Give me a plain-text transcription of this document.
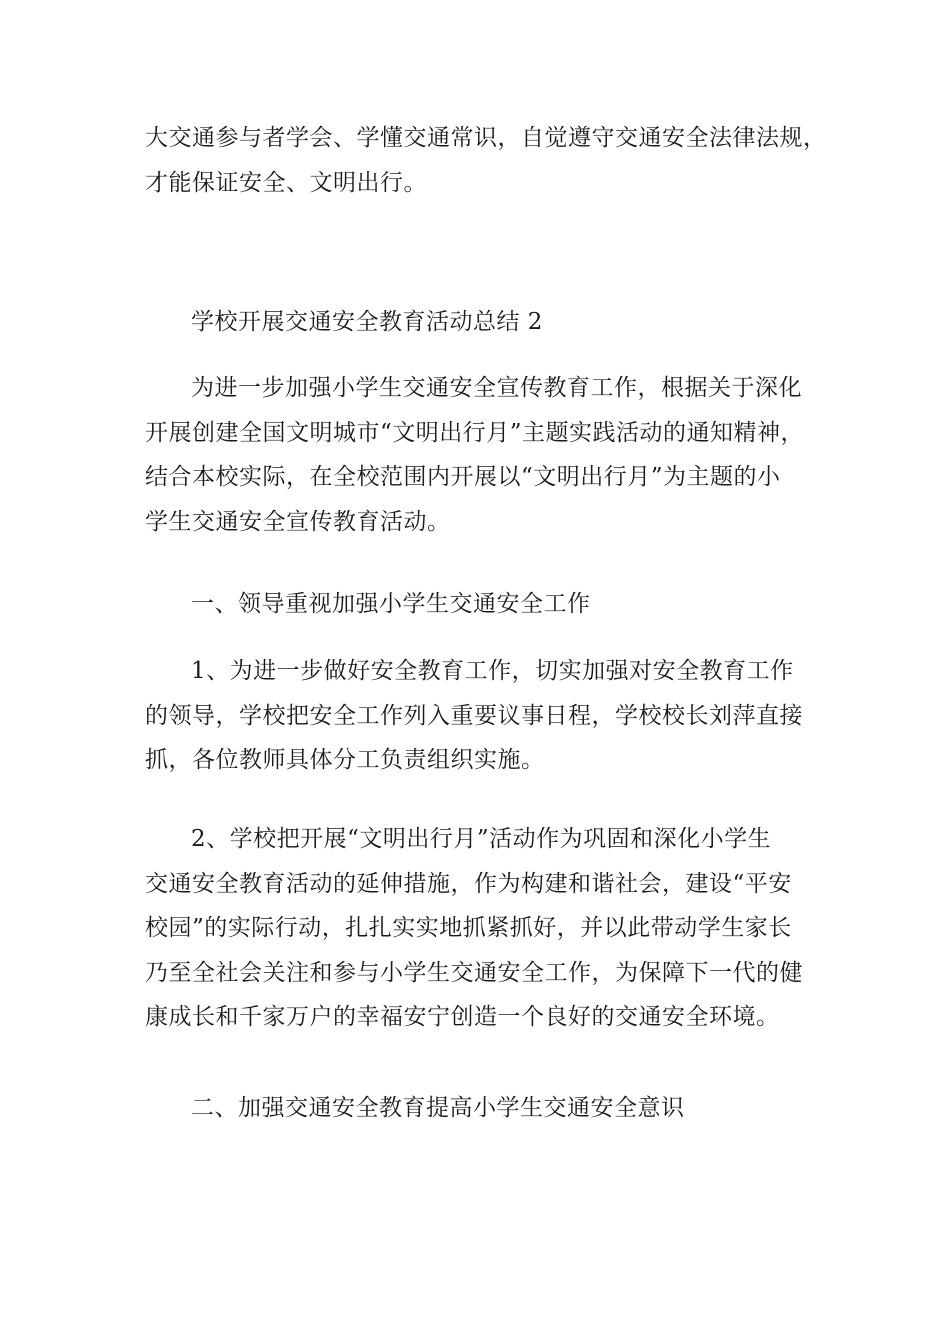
大交通参与者学会、学懂交通常识，自觉遵守交通安全法律法规，
才能保证安全、文明出行。
学校开展交通安全教育活动总结 2
为进一步加强小学生交通安全宣传教育工作，根据关于深化
开展创建全国文明城市“文明出行月”主题实践活动的通知精神，
结合本校实际，在全校范围内开展以“文明出行月”为主题的小
学生交通安全宣传教育活动。
一、领导重视加强小学生交通安全工作
1、为进一步做好安全教育工作，切实加强对安全教育工作
的领导，学校把安全工作列入重要议事日程，学校校长刘萍直接
抓，各位教师具体分工负责组织实施。
2、学校把开展“文明出行月”活动作为巩固和深化小学生
交通安全教育活动的延伸措施，作为构建和谐社会，建设“平安
校园”的实际行动，扎扎实实地抓紧抓好，并以此带动学生家长
乃至全社会关注和参与小学生交通安全工作，为保障下一代的健
康成长和千家万户的幸福安宁创造一个良好的交通安全环境。
二、加强交通安全教育提高小学生交通安全意识
